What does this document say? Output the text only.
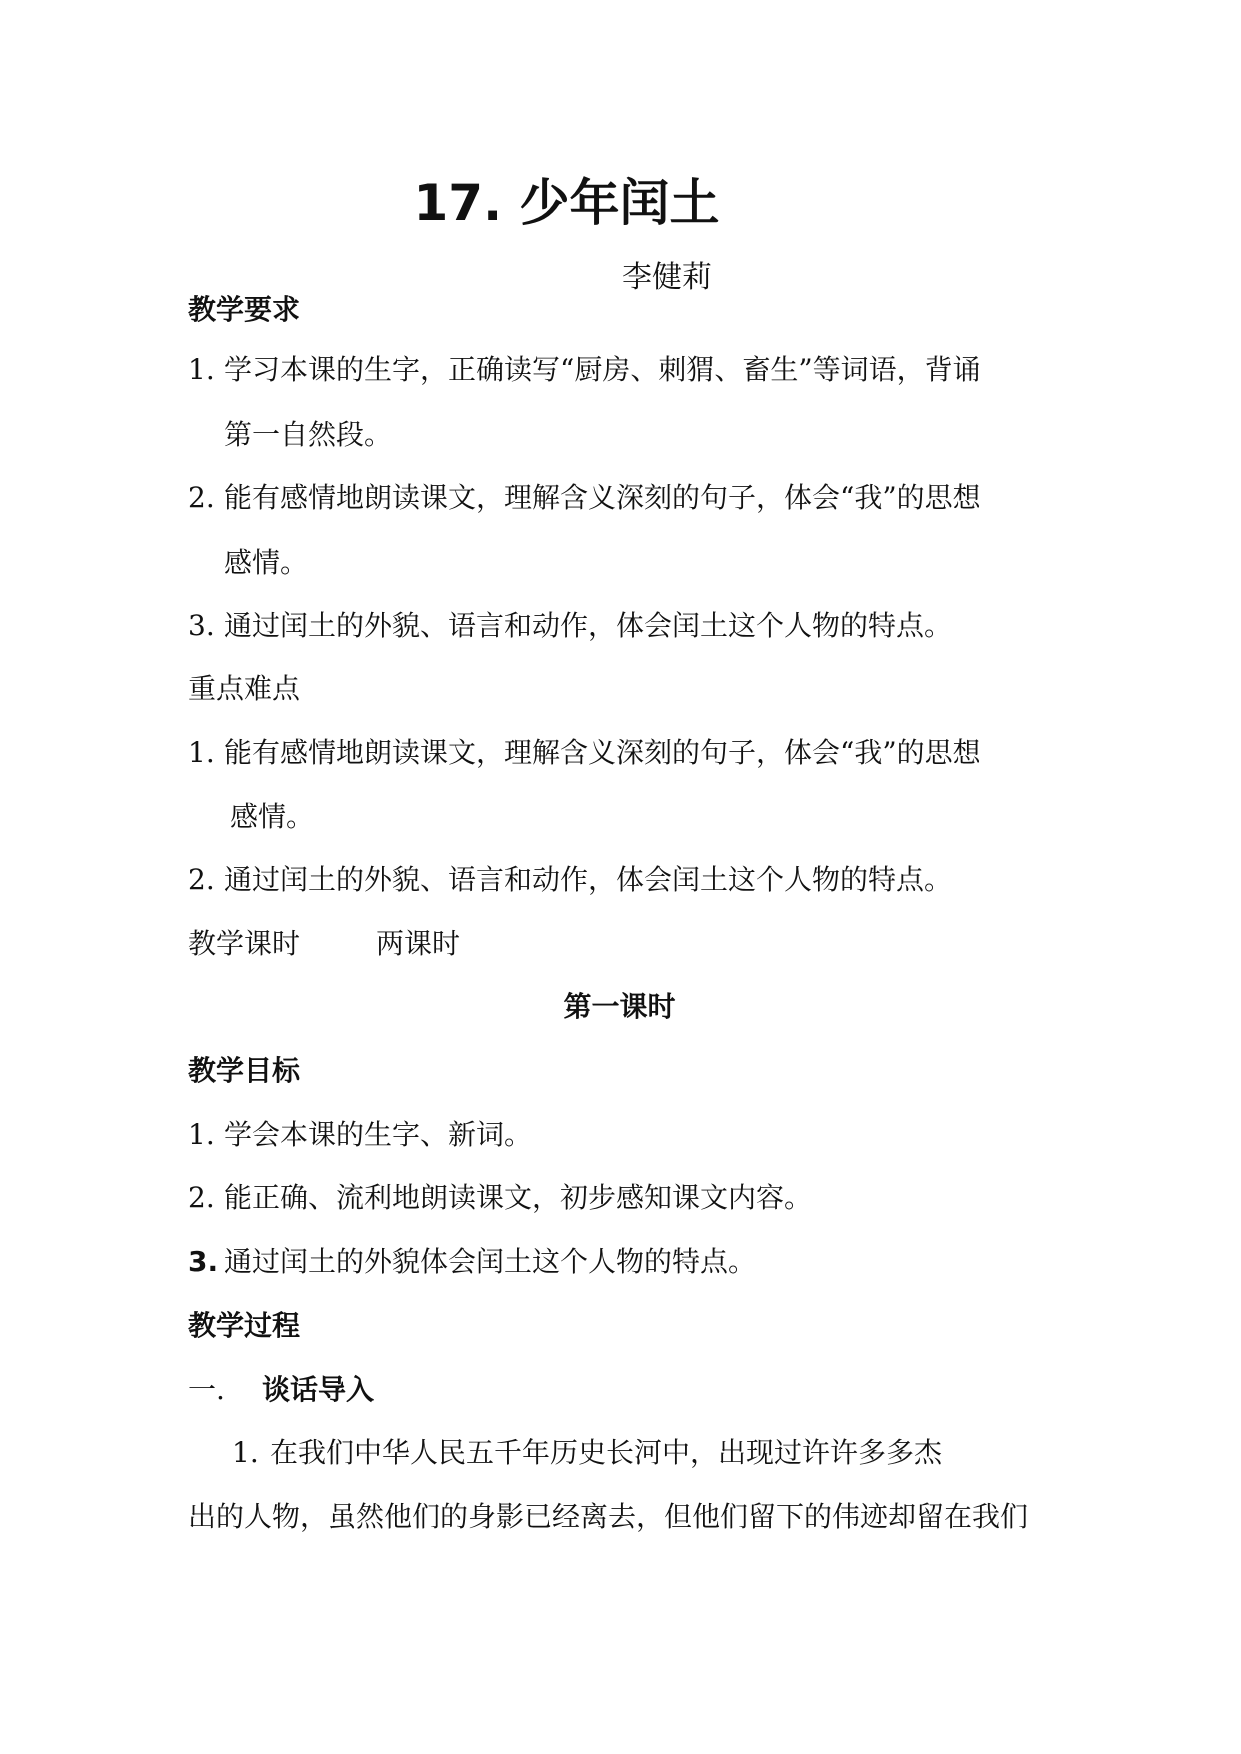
17. 少年闰土
李健莉
教学要求
1. 学习本课的生字，正确读写“厨房、刺猬、畜生”等词语，背诵
第一自然段。
2. 能有感情地朗读课文，理解含义深刻的句子，体会“我”的思想
感情。
3. 通过闰土的外貌、语言和动作，体会闰土这个人物的特点。
重点难点
1. 能有感情地朗读课文，理解含义深刻的句子，体会“我”的思想
感情。
2. 通过闰土的外貌、语言和动作，体会闰土这个人物的特点。
教学课时	两课时
第一课时
教学目标
1. 学会本课的生字、新词。
2. 能正确、流利地朗读课文，初步感知课文内容。
3. 通过闰土的外貌体会闰土这个人物的特点。
教学过程
一. 谈话导入
1. 在我们中华人民五千年历史长河中，出现过许许多多杰
出的人物，虽然他们的身影已经离去，但他们留下的伟迹却留在我们
